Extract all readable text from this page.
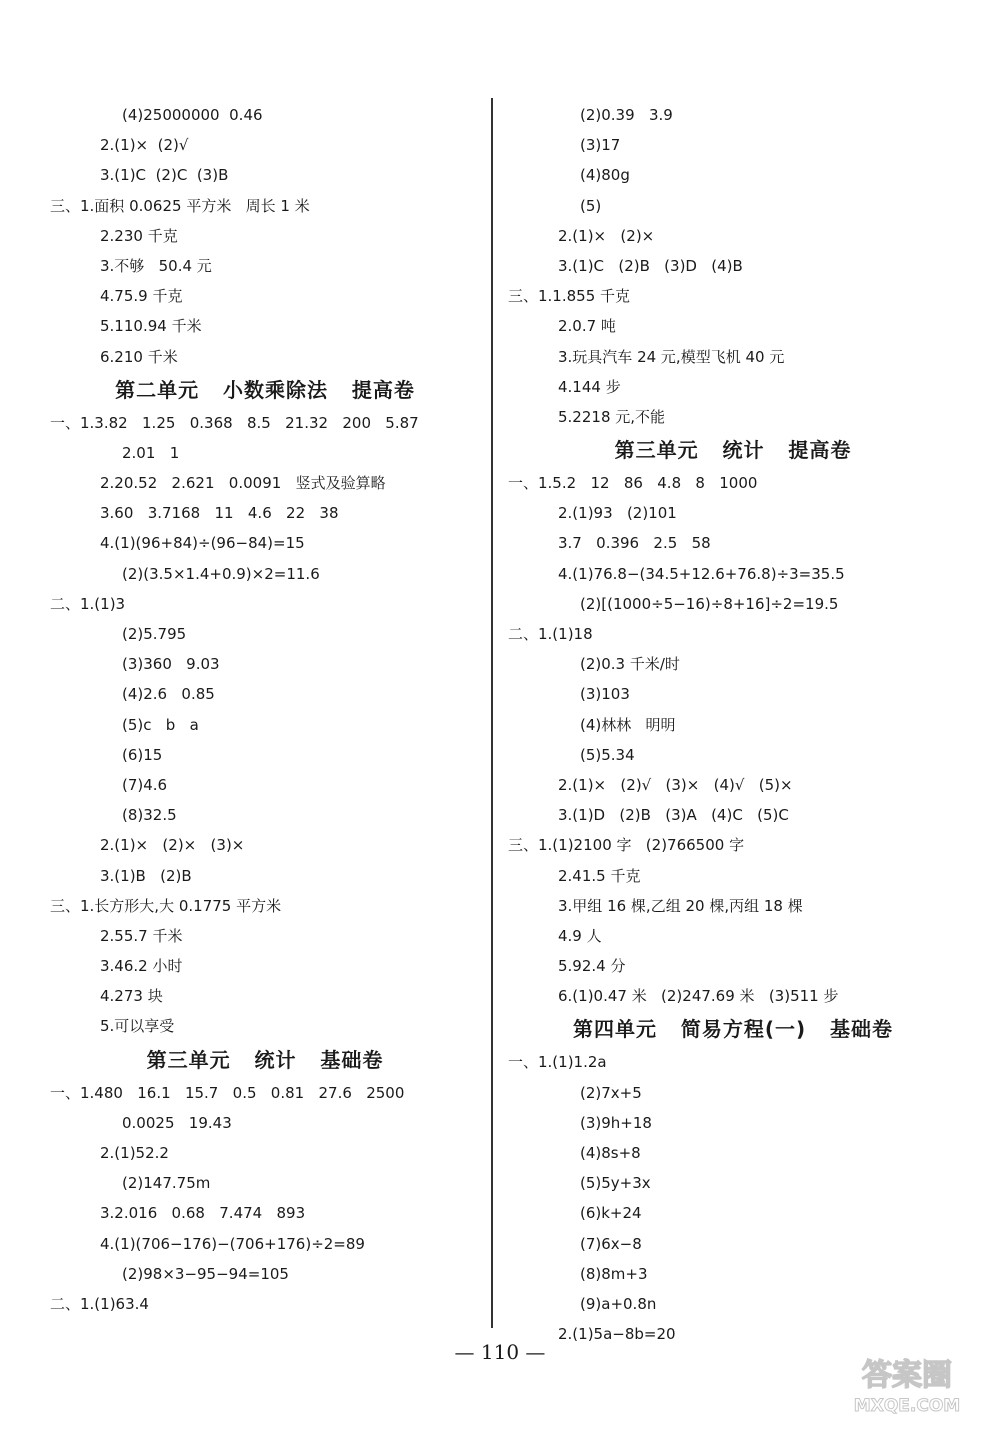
(4)25000000  0.46
2.(1)×  (2)√
3.(1)C  (2)C  (3)B
三、1.面积 0.0625 平方米   周长 1 米
2.230 千克
3.不够   50.4 元
4.75.9 千克
5.110.94 千米
6.210 千米
第二单元   小数乘除法   提高卷
一、1.3.82   1.25   0.368   8.5   21.32   200   5.87
2.01   1
2.20.52   2.621   0.0091   竖式及验算略
3.60   3.7168   11   4.6   22   38
4.(1)(96+84)÷(96−84)=15
(2)(3.5×1.4+0.9)×2=11.6
二、1.(1)3
(2)5.795
(3)360   9.03
(4)2.6   0.85
(5)c   b   a
(6)15
(7)4.6
(8)32.5
2.(1)×   (2)×   (3)×
3.(1)B   (2)B
三、1.长方形大,大 0.1775 平方米
2.55.7 千米
3.46.2 小时
4.273 块
5.可以享受
第三单元   统计   基础卷
一、1.480   16.1   15.7   0.5   0.81   27.6   2500
0.0025   19.43
2.(1)52.2
(2)147.75m
3.2.016   0.68   7.474   893
4.(1)(706−176)−(706+176)÷2=89
(2)98×3−95−94=105
二、1.(1)63.4
(2)0.39   3.9
(3)17
(4)80g
(5)
2.(1)×   (2)×
3.(1)C   (2)B   (3)D   (4)B
三、1.1.855 千克
2.0.7 吨
3.玩具汽车 24 元,模型飞机 40 元
4.144 步
5.2218 元,不能
第三单元   统计   提高卷
一、1.5.2   12   86   4.8   8   1000
2.(1)93   (2)101
3.7   0.396   2.5   58
4.(1)76.8−(34.5+12.6+76.8)÷3=35.5
(2)[(1000÷5−16)÷8+16]÷2=19.5
二、1.(1)18
(2)0.3 千米/时
(3)103
(4)林林   明明
(5)5.34
2.(1)×   (2)√   (3)×   (4)√   (5)×
3.(1)D   (2)B   (3)A   (4)C   (5)C
三、1.(1)2100 字   (2)766500 字
2.41.5 千克
3.甲组 16 棵,乙组 20 棵,丙组 18 棵
4.9 人
5.92.4 分
6.(1)0.47 米   (2)247.69 米   (3)511 步
第四单元   简易方程(一)   基础卷
一、1.(1)1.2a
(2)7x+5
(3)9h+18
(4)8s+8
(5)5y+3x
(6)k+24
(7)6x−8
(8)8m+3
(9)a+0.8n
2.(1)5a−8b=20
— 110 —
答案圈
MXQE.COM
